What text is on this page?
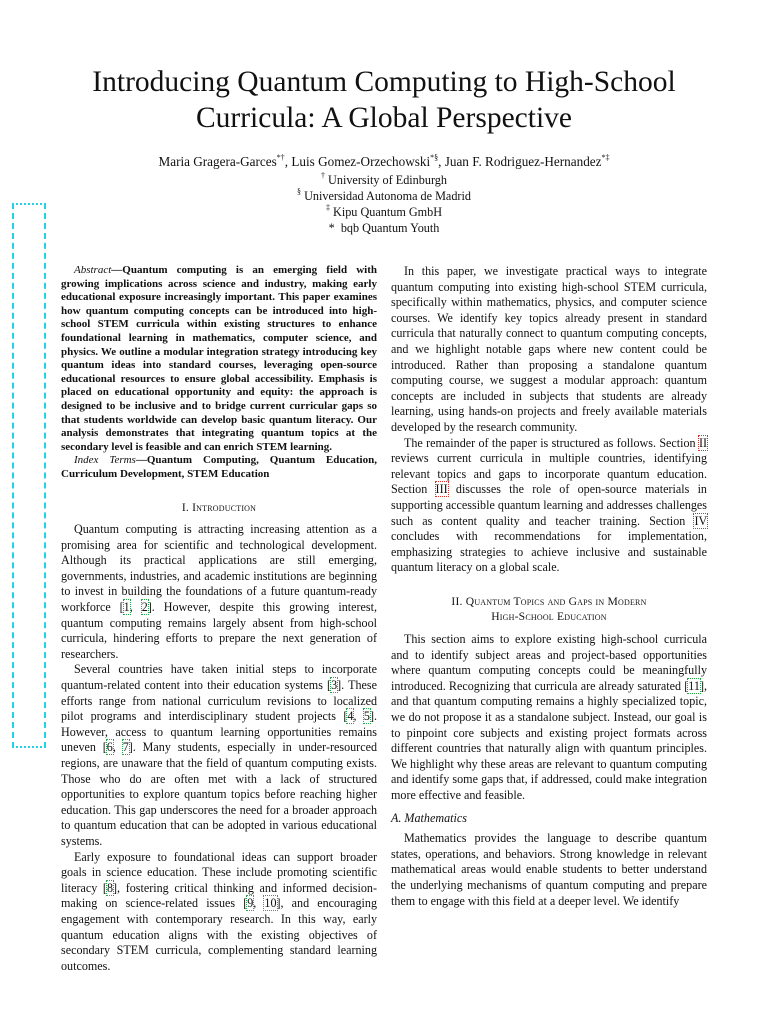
Introducing Quantum Computing to High-School Curricula: A Global Perspective
Maria Gragera-Garces*†, Luis Gomez-Orzechowski*§, Juan F. Rodriguez-Hernandez*‡
† University of Edinburgh
§ Universidad Autonoma de Madrid
‡ Kipu Quantum GmbH
* bqb Quantum Youth

Abstract—Quantum computing is an emerging field with growing implications across science and industry, making early educational exposure increasingly important. This paper examines how quantum computing concepts can be introduced into high-school STEM curricula within existing structures to enhance foundational learning in mathematics, computer science, and physics. We outline a modular integration strategy introducing key quantum ideas into standard courses, leveraging open-source educational resources to ensure global accessibility. Emphasis is placed on educational opportunity and equity: the approach is designed to be inclusive and to bridge current curricular gaps so that students worldwide can develop basic quantum literacy. Our analysis demonstrates that integrating quantum topics at the secondary level is feasible and can enrich STEM learning.

Index Terms—Quantum Computing, Quantum Education, Curriculum Development, STEM Education

I. Introduction

Quantum computing is attracting increasing attention as a promising area for scientific and technological development. Although its practical applications are still emerging, governments, industries, and academic institutions are beginning to invest in building the foundations of a future quantum-ready workforce [1, 2]. However, despite this growing interest, quantum computing remains largely absent from high-school curricula, hindering efforts to prepare the next generation of researchers.

Several countries have taken initial steps to incorporate quantum-related content into their education systems [3]. These efforts range from national curriculum revisions to localized pilot programs and interdisciplinary student projects [4, 5]. However, access to quantum learning opportunities remains uneven [6, 7]. Many students, especially in under-resourced regions, are unaware that the field of quantum computing exists. Those who do are often met with a lack of structured opportunities to explore quantum topics before reaching higher education. This gap underscores the need for a broader approach to quantum education that can be adopted in various educational systems.

Early exposure to foundational ideas can support broader goals in science education. These include promoting scientific literacy [8], fostering critical thinking and informed decision-making on science-related issues [9, 10], and encouraging engagement with contemporary research. In this way, early quantum education aligns with the existing objectives of secondary STEM curricula, complementing standard learning outcomes.

In this paper, we investigate practical ways to integrate quantum computing into existing high-school STEM curricula, specifically within mathematics, physics, and computer science courses. We identify key topics already present in standard curricula that naturally connect to quantum computing concepts, and we highlight notable gaps where new content could be introduced. Rather than proposing a standalone quantum computing course, we suggest a modular approach: quantum concepts are included in subjects that students are already learning, using hands-on projects and freely available materials developed by the research community.

The remainder of the paper is structured as follows. Section II reviews current curricula in multiple countries, identifying relevant topics and gaps to incorporate quantum education. Section III discusses the role of open-source materials in supporting accessible quantum learning and addresses challenges such as content quality and teacher training. Section IV concludes with recommendations for implementation, emphasizing strategies to achieve inclusive and sustainable quantum literacy on a global scale.

II. Quantum Topics and Gaps in Modern
High-School Education

This section aims to explore existing high-school curricula and to identify subject areas and project-based opportunities where quantum computing concepts could be meaningfully introduced. Recognizing that curricula are already saturated [11], and that quantum computing remains a highly specialized topic, we do not propose it as a standalone subject. Instead, our goal is to pinpoint core subjects and existing project formats across different countries that naturally align with quantum principles. We highlight why these areas are relevant to quantum computing and identify some gaps that, if addressed, could make integration more effective and feasible.

A. Mathematics

Mathematics provides the language to describe quantum states, operations, and behaviors. Strong knowledge in relevant mathematical areas would enable students to better understand the underlying mechanisms of quantum computing and prepare them to engage with this field at a deeper level. We identify
